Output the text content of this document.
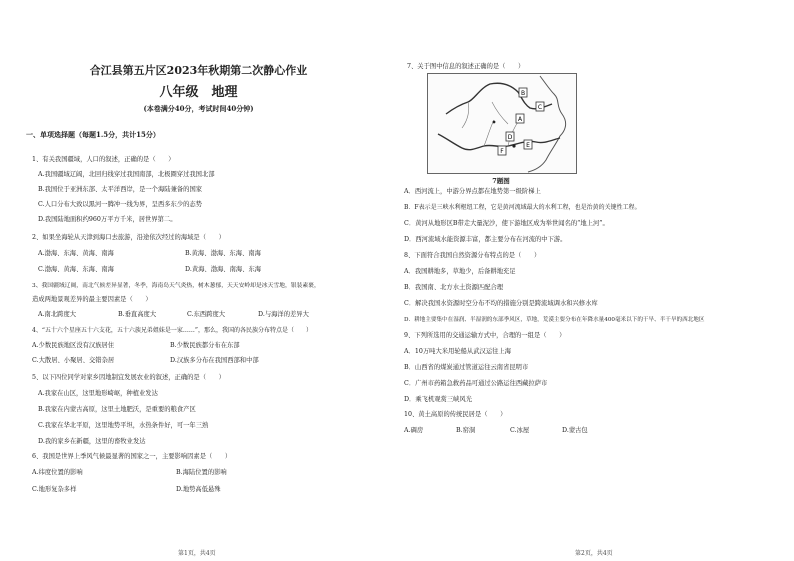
合江县第五片区2023年秋期第二次静心作业
八年级　地理
(本卷满分40分，考试时间40分钟)
一、单项选择题（每题1.5分，共计15分）
1、有关我国疆域，人口的叙述，正确的是（　　）
A.我国疆域辽阔，北回归线穿过我国南部，北极圈穿过我国北部
B.我国位于亚洲东部、太平洋西岸，是一个海陆兼备的国家
C.人口分布大致以黑河一腾冲一线为界，呈西多东少的态势
D.我国陆地面积约960万平方千米，居世界第二。
2、如果坐海轮从天津到海口去旅游，沿途依次经过的海域是（　　）
A.渤海、东海、黄海、南海	B.黄海、渤海、东海、南海
C.渤海、黄海、东海、南海	D.黄海、渤海、南海、东海
3、我国疆域辽阔，南北气候差异显著，冬季，海南岛天气炎热，树木葱郁，天天安岭却是冰天雪地，银装素裹，
造成两地景观差异的最主要因素是（　　）
A.南北跨度大	B.垂直高度大	C.东西跨度大	D.与海洋的差异大
4、“五十六个星座五十六支花，五十六族兄弟姐妹是一家……”，那么，我国的各民族分布特点是（　　）
A.少数民族地区没有汉族居住	B.少数民族都分布在东部
C.大散居、小聚居、交错杂居	D.汉族多分布在我国西部和中部
5、以下四位同学对家乡因地制宜发展农业的叙述，正确的是（　　）
A.我家在山区，这里地形崎岖，种植业发达
B.我家在内蒙古高原，这里土地肥沃，是重要的粮食产区
C.我家在华北平原，这里地势平坦，水热条件好，可一年三熟
D.我的家乡在新疆，这里的畜牧业发达
6、我国是世界上季风气候最显著的国家之一，主要影响因素是（　　）
A.纬度位置的影响	B.海陆位置的影响
C.地形复杂多样	D.地势高低悬殊
第1页，共4页
7、关于图中信息的叙述正确的是（　　）
第2页，共4页
B
A
C
D
E
F
7题图
A．西河流上，中游分界点都在地势第一级阶梯上
B．F表示是三峡水利枢纽工程，它是黄河流域最大的水利工程，也是治黄的关键性工程。
C．黄河从地形区B带走大量泥沙，使下游地区成为举世闻名的“地上河”。
D．西河流域水能资源丰富，都主要分布在河流的中下游。
8、下面符合我国自然资源分布特点的是（　　）
A．我国耕地多，草地少，后备耕地充足
B．我国南、北方水土资源匹配合理
C．解决我国水资源时空分布不均的措施分别是跨流域调水和兴修水库
D．耕地主要集中在湿润、半湿润的东部季风区，草地，荒漠主要分布在年降水量400毫米以下的干旱、半干旱的西北地区
9、下列所选用的交通运输方式中，合理的一组是（　　）
A．10万吨大米用轮船从武汉运往上海
B．山西省的煤炭通过管道运往云南省昆明市
C．广州市药箱急救药品可通过公路运往西藏拉萨市
D．乘飞机观赏三峡风光
10、黄土高原的传统民居是（　　）
A.碉房	B.窑洞	C.冰屋	D.蒙古包
